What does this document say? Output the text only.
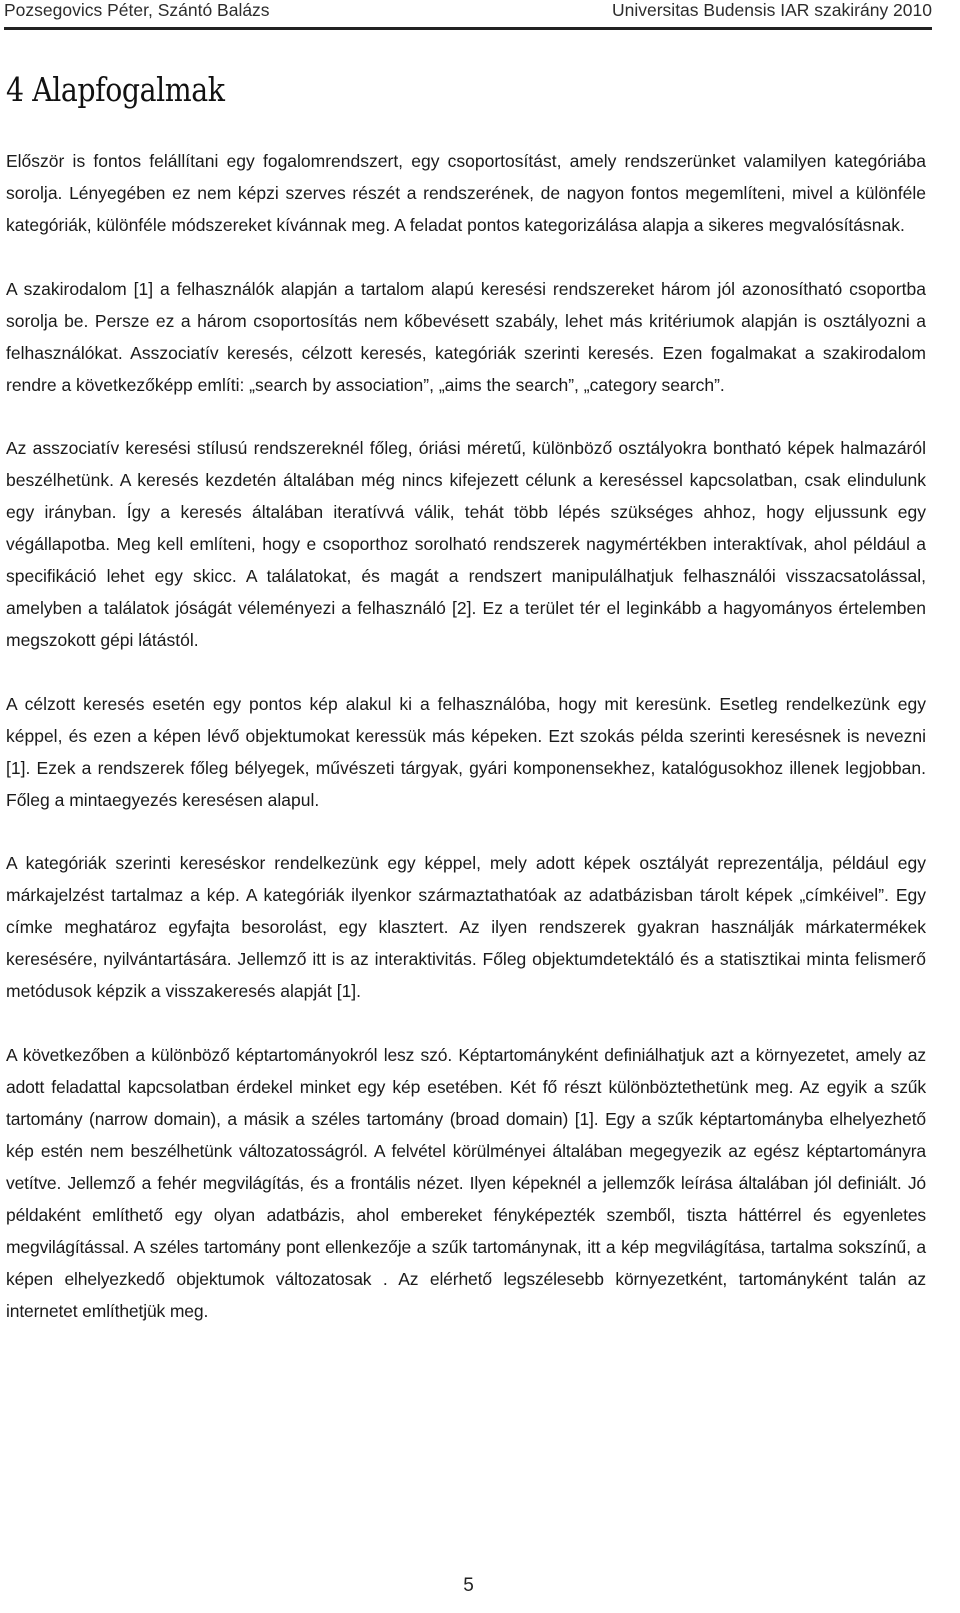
Pozsegovics Péter, Szántó Balázs	Universitas Budensis IAR szakirány 2010
4 Alapfogalmak

Először is fontos felállítani egy fogalomrendszert, egy csoportosítást, amely rendszerünket valamilyen kategóriába sorolja. Lényegében ez nem képzi szerves részét a rendszerének, de nagyon fontos megemlíteni, mivel a különféle kategóriák, különféle módszereket kívánnak meg. A feladat pontos kategorizálása alapja a sikeres megvalósításnak.

A szakirodalom [1] a felhasználók alapján a tartalom alapú keresési rendszereket három jól azonosítható csoportba sorolja be. Persze ez a három csoportosítás nem kőbevésett szabály, lehet más kritériumok alapján is osztályozni a felhasználókat. Asszociatív keresés, célzott keresés, kategóriák szerinti keresés. Ezen fogalmakat a szakirodalom rendre a következőképp említi: „search by association”, „aims the search”, „category search”.

Az asszociatív keresési stílusú rendszereknél főleg, óriási méretű, különböző osztályokra bontható képek halmazáról beszélhetünk. A keresés kezdetén általában még nincs kifejezett célunk a kereséssel kapcsolatban, csak elindulunk egy irányban. Így a keresés általában iteratívvá válik, tehát több lépés szükséges ahhoz, hogy eljussunk egy végállapotba. Meg kell említeni, hogy e csoporthoz sorolható rendszerek nagymértékben interaktívak, ahol például a specifikáció lehet egy skicc. A találatokat, és magát a rendszert manipulálhatjuk felhasználói visszacsatolással, amelyben a találatok jóságát véleményezi a felhasználó [2]. Ez a terület tér el leginkább a hagyományos értelemben megszokott gépi látástól.

A célzott keresés esetén egy pontos kép alakul ki a felhasználóba, hogy mit keresünk. Esetleg rendelkezünk egy képpel, és ezen a képen lévő objektumokat keressük más képeken. Ezt szokás példa szerinti keresésnek is nevezni [1]. Ezek a rendszerek főleg bélyegek, művészeti tárgyak, gyári komponensekhez, katalógusokhoz illenek legjobban. Főleg a mintaegyezés keresésen alapul.

A kategóriák szerinti kereséskor rendelkezünk egy képpel, mely adott képek osztályát reprezentálja, például egy márkajelzést tartalmaz a kép. A kategóriák ilyenkor származtathatóak az adatbázisban tárolt képek „címkéivel”. Egy címke meghatároz egyfajta besorolást, egy klasztert. Az ilyen rendszerek gyakran használják márkatermékek keresésére, nyilvántartására. Jellemző itt is az interaktivitás. Főleg objektumdetektáló és a statisztikai minta felismerő metódusok képzik a visszakeresés alapját [1].

A következőben a különböző képtartományokról lesz szó. Képtartományként definiálhatjuk azt a környezetet, amely az adott feladattal kapcsolatban érdekel minket egy kép esetében. Két fő részt különböztethetünk meg. Az egyik a szűk tartomány (narrow domain), a másik a széles tartomány (broad domain) [1]. Egy a szűk képtartományba elhelyezhető kép estén nem beszélhetünk változatosságról. A felvétel körülményei általában megegyezik az egész képtartományra vetítve. Jellemző a fehér megvilágítás, és a frontális nézet. Ilyen képeknél a jellemzők leírása általában jól definiált. Jó példaként említhető egy olyan adatbázis, ahol embereket fényképezték szemből, tiszta háttérrel és egyenletes megvilágítással. A széles tartomány pont ellenkezője a szűk tartománynak, itt a kép megvilágítása, tartalma sokszínű, a képen elhelyezkedő objektumok változatosak . Az elérhető legszélesebb környezetként, tartományként talán az internetet említhetjük meg.

5
